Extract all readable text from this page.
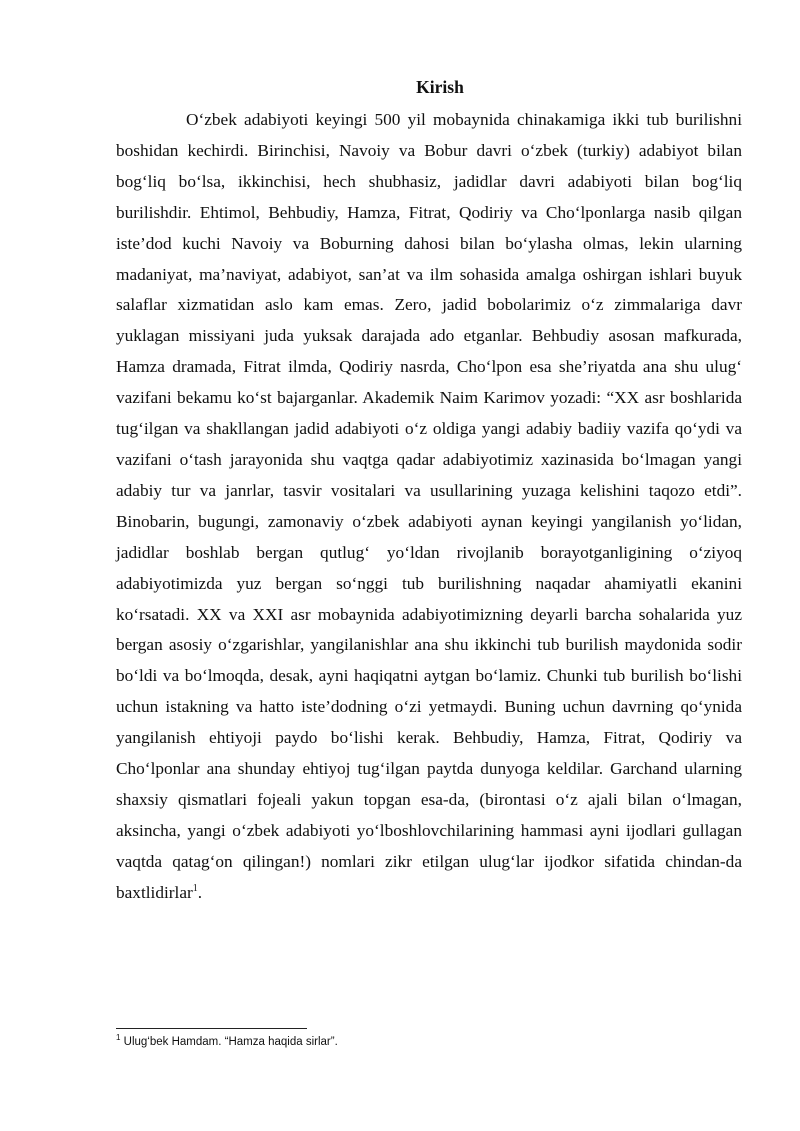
Kirish

O‘zbek adabiyoti keyingi 500 yil mobaynida chinakamiga ikki tub burilishni boshidan kechirdi. Birinchisi, Navoiy va Bobur davri o‘zbek (turkiy) adabiyot bilan bog‘liq bo‘lsa, ikkinchisi, hech shubhasiz, jadidlar davri adabiyoti bilan bog‘liq burilishdir. Ehtimol, Behbudiy, Hamza, Fitrat, Qodiriy va Cho‘lponlarga nasib qilgan iste’dod kuchi Navoiy va Boburning dahosi bilan bo‘ylasha olmas, lekin ularning madaniyat, ma’naviyat, adabiyot, san’at va ilm sohasida amalga oshirgan ishlari buyuk salaflar xizmatidan aslo kam emas. Zero, jadid bobolarimiz o‘z zimmalariga davr yuklagan missiyani juda yuksak darajada ado etganlar. Behbudiy asosan mafkurada, Hamza dramada, Fitrat ilmda, Qodiriy nasrda, Cho‘lpon esa she’riyatda ana shu ulug‘ vazifani bekamu ko‘st bajarganlar. Akademik Naim Karimov yozadi: “XX asr boshlarida tug‘ilgan va shakllangan jadid adabiyoti o‘z oldiga yangi adabiy badiiy vazifa qo‘ydi va vazifani o‘tash jarayonida shu vaqtga qadar adabiyotimiz xazinasida bo‘lmagan yangi adabiy tur va janrlar, tasvir vositalari va usullarining yuzaga kelishini taqozo etdi”. Binobarin, bugungi, zamonaviy o‘zbek adabiyoti aynan keyingi yangilanish yo‘lidan, jadidlar boshlab bergan qutlug‘ yo‘ldan rivojlanib borayotganligining o‘ziyoq adabiyotimizda yuz bergan so‘nggi tub burilishning naqadar ahamiyatli ekanini ko‘rsatadi. XX va XXI asr mobaynida adabiyotimizning deyarli barcha sohalarida yuz bergan asosiy o‘zgarishlar, yangilanishlar ana shu ikkinchi tub burilish maydonida sodir bo‘ldi va bo‘lmoqda, desak, ayni haqiqatni aytgan bo‘lamiz. Chunki tub burilish bo‘lishi uchun istakning va hatto iste’dodning o‘zi yetmaydi. Buning uchun davrning qo‘ynida yangilanish ehtiyoji paydo bo‘lishi kerak. Behbudiy, Hamza, Fitrat, Qodiriy va Cho‘lponlar ana shunday ehtiyoj tug‘ilgan paytda dunyoga keldilar. Garchand ularning shaxsiy qismatlari fojeali yakun topgan esa-da, (birontasi o‘z ajali bilan o‘lmagan, aksincha, yangi o‘zbek adabiyoti yo‘lboshlovchilarining hammasi ayni ijodlari gullagan vaqtda qatag‘on qilingan!) nomlari zikr etilgan ulug‘lar ijodkor sifatida chindan-da baxtlidirlar$^1$.

$^1$ Ulug‘bek Hamdam. “Hamza haqida sirlar”.
